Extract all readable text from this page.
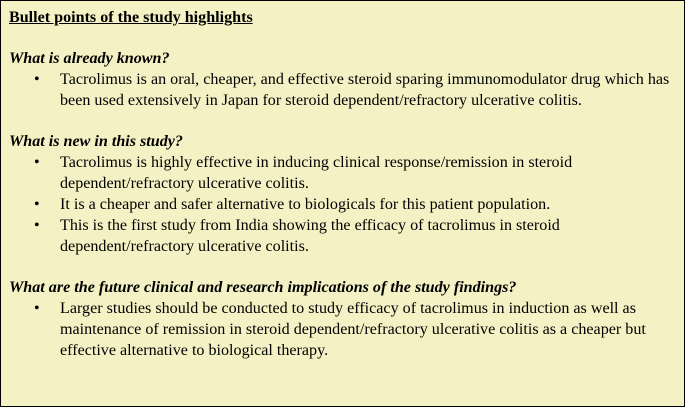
Bullet points of the study highlights

What is already known?

• Tacrolimus is an oral, cheaper, and effective steroid sparing immunomodulator drug which has been used extensively in Japan for steroid dependent/refractory ulcerative colitis.

What is new in this study?

• Tacrolimus is highly effective in inducing clinical response/remission in steroid dependent/refractory ulcerative colitis.
• It is a cheaper and safer alternative to biologicals for this patient population.
• This is the first study from India showing the efficacy of tacrolimus in steroid dependent/refractory ulcerative colitis.

What are the future clinical and research implications of the study findings?

• Larger studies should be conducted to study efficacy of tacrolimus in induction as well as maintenance of remission in steroid dependent/refractory ulcerative colitis as a cheaper but effective alternative to biological therapy.
